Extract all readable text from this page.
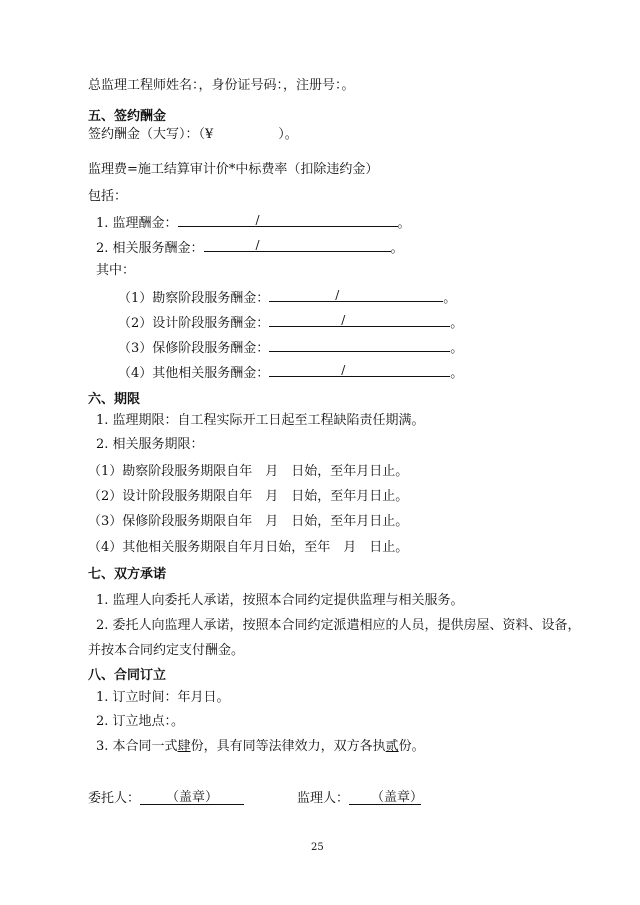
总监理工程师姓名：，身份证号码：，注册号：。
五、签约酬金
签约酬金（大写）：（¥　　　　　）。
监理费=施工结算审计价*中标费率（扣除违约金）
包括：
1. 监理酬金：	/	。
2. 相关服务酬金：	/	。
其中：
（1）勘察阶段服务酬金：	/	。
（2）设计阶段服务酬金：	/	。
（3）保修阶段服务酬金：	。
（4）其他相关服务酬金：	/	。
六、期限
1. 监理期限：自工程实际开工日起至工程缺陷责任期满。
2. 相关服务期限：
（1）勘察阶段服务期限自年　月　日始，至年月日止。
（2）设计阶段服务期限自年　月　日始，至年月日止。
（3）保修阶段服务期限自年　月　日始，至年月日止。
（4）其他相关服务期限自年月日始，至年　月　日止。
七、双方承诺
1. 监理人向委托人承诺，按照本合同约定提供监理与相关服务。
2. 委托人向监理人承诺，按照本合同约定派遣相应的人员，提供房屋、资料、设备，
并按本合同约定支付酬金。
八、合同订立
1. 订立时间：年月日。
2. 订立地点：。
3. 本合同一式肆份，具有同等法律效力，双方各执贰份。
委托人： （盖章）	监理人： （盖章）
25
